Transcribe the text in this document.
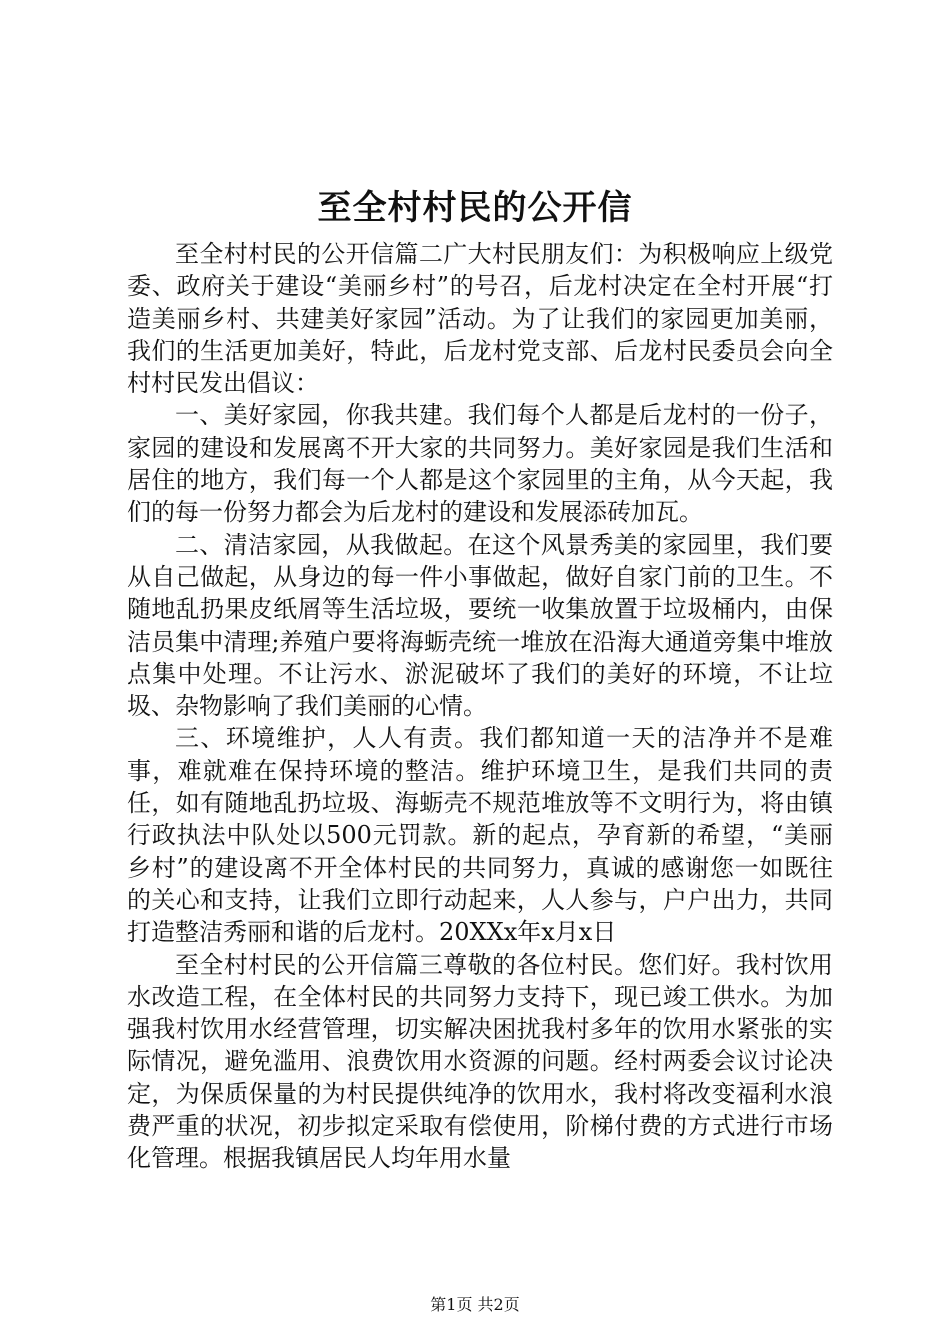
至全村村民的公开信

至全村村民的公开信篇二广大村民朋友们：为积极响应上级党委、政府关于建设“美丽乡村”的号召，后龙村决定在全村开展“打造美丽乡村、共建美好家园”活动。为了让我们的家园更加美丽，我们的生活更加美好，特此，后龙村党支部、后龙村民委员会向全村村民发出倡议：

一、美好家园，你我共建。我们每个人都是后龙村的一份子，家园的建设和发展离不开大家的共同努力。美好家园是我们生活和居住的地方，我们每一个人都是这个家园里的主角，从今天起，我们的每一份努力都会为后龙村的建设和发展添砖加瓦。

二、清洁家园，从我做起。在这个风景秀美的家园里，我们要从自己做起，从身边的每一件小事做起，做好自家门前的卫生。不随地乱扔果皮纸屑等生活垃圾，要统一收集放置于垃圾桶内，由保洁员集中清理;养殖户要将海蛎壳统一堆放在沿海大通道旁集中堆放点集中处理。不让污水、淤泥破坏了我们的美好的环境，不让垃圾、杂物影响了我们美丽的心情。

三、环境维护，人人有责。我们都知道一天的洁净并不是难事，难就难在保持环境的整洁。维护环境卫生，是我们共同的责任，如有随地乱扔垃圾、海蛎壳不规范堆放等不文明行为，将由镇行政执法中队处以500元罚款。新的起点，孕育新的希望，“美丽乡村”的建设离不开全体村民的共同努力，真诚的感谢您一如既往的关心和支持，让我们立即行动起来，人人参与，户户出力，共同打造整洁秀丽和谐的后龙村。20XXx年x月x日

至全村村民的公开信篇三尊敬的各位村民。您们好。我村饮用水改造工程，在全体村民的共同努力支持下，现已竣工供水。为加强我村饮用水经营管理，切实解决困扰我村多年的饮用水紧张的实际情况，避免滥用、浪费饮用水资源的问题。经村两委会议讨论决定，为保质保量的为村民提供纯净的饮用水，我村将改变福利水浪费严重的状况，初步拟定采取有偿使用，阶梯付费的方式进行市场化管理。根据我镇居民人均年用水量

第1页 共2页
